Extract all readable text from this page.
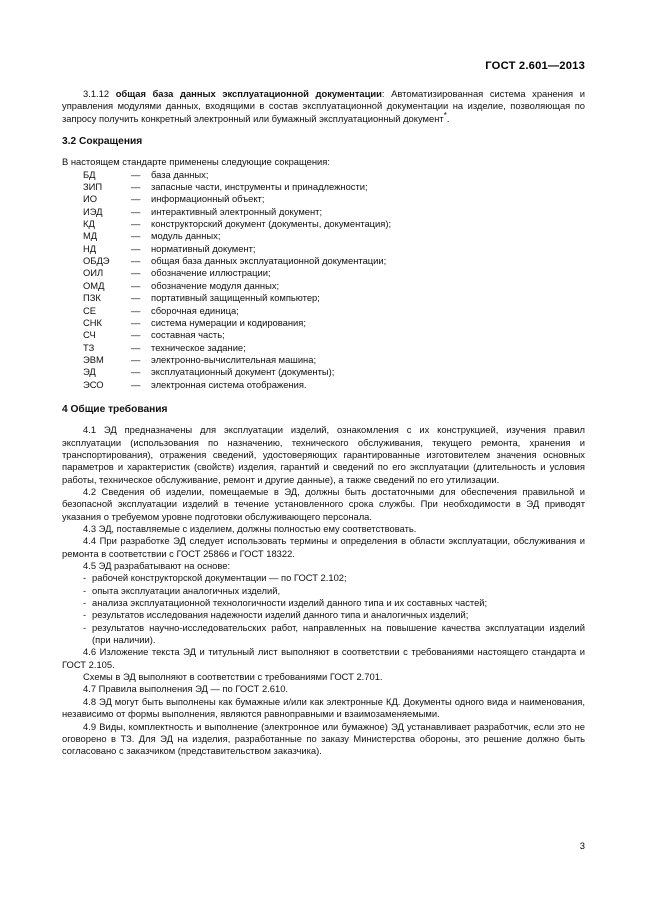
ГОСТ 2.601—2013

3.1.12 общая база данных эксплуатационной документации: Автоматизированная система хранения и управления модулями данных, входящими в состав эксплуатационной документации на изделие, позволяющая по запросу получить конкретный электронный или бумажный эксплуатационный документ*.

3.2 Сокращения

В настоящем стандарте применены следующие сокращения:

БД	—	база данных;
ЗИП	—	запасные части, инструменты и принадлежности;
ИО	—	информационный объект;
ИЭД	—	интерактивный электронный документ;
КД	—	конструкторский документ (документы, документация);
МД	—	модуль данных;
НД	—	нормативный документ;
ОБДЭ	—	общая база данных эксплуатационной документации;
ОИЛ	—	обозначение иллюстрации;
ОМД	—	обозначение модуля данных;
ПЗК	—	портативный защищенный компьютер;
СЕ	—	сборочная единица;
СНК	—	система нумерации и кодирования;
СЧ	—	составная часть;
ТЗ	—	техническое задание;
ЭВМ	—	электронно-вычислительная машина;
ЭД	—	эксплуатационный документ (документы);
ЭСО	—	электронная система отображения.
4 Общие требования

4.1 ЭД предназначены для эксплуатации изделий, ознакомления с их конструкцией, изучения правил эксплуатации (использования по назначению, технического обслуживания, текущего ремонта, хранения и транспортирования), отражения сведений, удостоверяющих гарантированные изготовителем значения основных параметров и характеристик (свойств) изделия, гарантий и сведений по его эксплуатации (длительность и условия работы, техническое обслуживание, ремонт и другие данные), а также сведений по его утилизации.

4.2 Сведения об изделии, помещаемые в ЭД, должны быть достаточными для обеспечения правильной и безопасной эксплуатации изделий в течение установленного срока службы. При необходимости в ЭД приводят указания о требуемом уровне подготовки обслуживающего персонала.

4.3 ЭД, поставляемые с изделием, должны полностью ему соответствовать.

4.4 При разработке ЭД следует использовать термины и определения в области эксплуатации, обслуживания и ремонта в соответствии с ГОСТ 25866 и ГОСТ 18322.

4.5 ЭД разрабатывают на основе:

- рабочей конструкторской документации — по ГОСТ 2.102;
- опыта эксплуатации аналогичных изделий,
- анализа эксплуатационной технологичности изделий данного типа и их составных частей;
- результатов исследования надежности изделий данного типа и аналогичных изделий;
- результатов научно-исследовательских работ, направленных на повышение качества эксплуатации изделий (при наличии).

4.6 Изложение текста ЭД и титульный лист выполняют в соответствии с требованиями настоящего стандарта и ГОСТ 2.105.

Схемы в ЭД выполняют в соответствии с требованиями ГОСТ 2.701.

4.7 Правила выполнения ЭД — по ГОСТ 2.610.

4.8 ЭД могут быть выполнены как бумажные и/или как электронные КД. Документы одного вида и наименования, независимо от формы выполнения, являются равноправными и взаимозаменяемыми.

4.9 Виды, комплектность и выполнение (электронное или бумажное) ЭД устанавливает разработчик, если это не оговорено в ТЗ. Для ЭД на изделия, разработанные по заказу Министерства обороны, это решение должно быть согласовано с заказчиком (представительством заказчика).

3
